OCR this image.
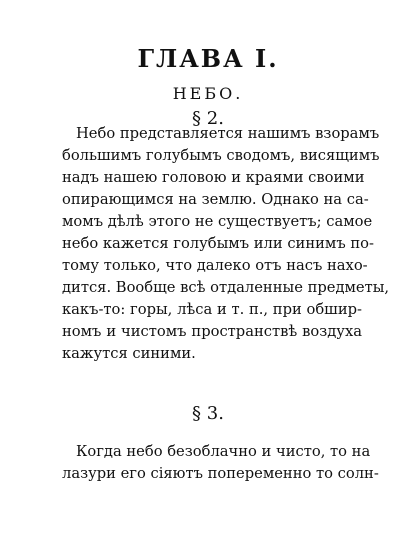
ГЛАВА I.
НЕБО.
§ 2.
Небо представляется нашимъ взорамъ
большимъ голубымъ сводомъ, висящимъ
надъ нашею головою и краями своими
опирающимся на землю. Однако на са-
момъ дѣлѣ этого не существуетъ; самое
небо кажется голубымъ или синимъ по-
тому только, что далеко отъ насъ нахо-
дится. Вообще всѣ отдаленные предметы,
какъ-то: горы, лѣса и т. п., при обшир-
номъ и чистомъ пространствѣ воздуха
кажутся синими.
§ 3.
Когда небо безоблачно и чисто, то на
лазури его сіяютъ попеременно то солн-
